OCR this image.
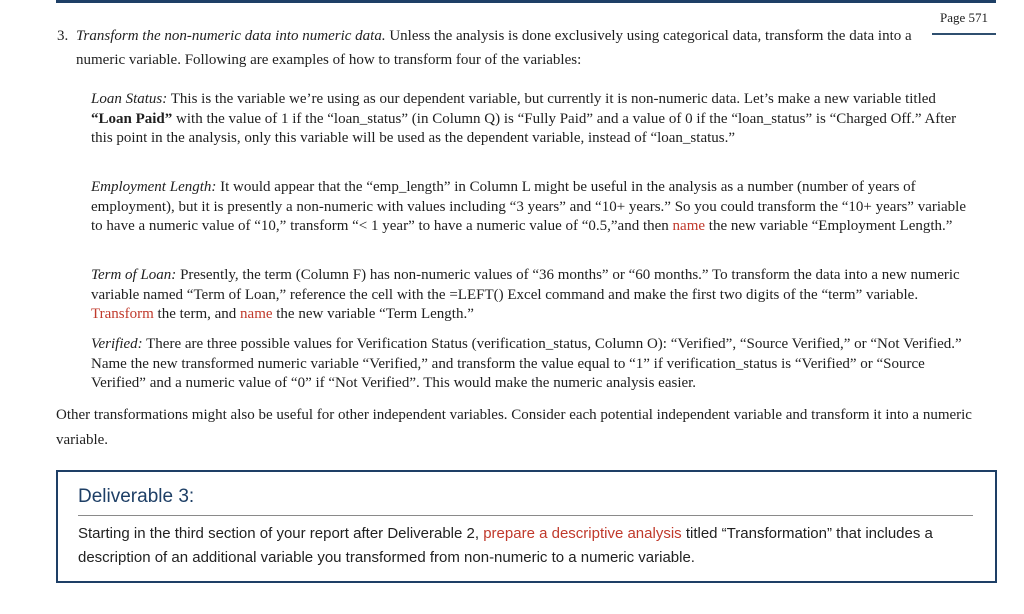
Page 571
3. Transform the non-numeric data into numeric data. Unless the analysis is done exclusively using categorical data, transform the data into a numeric variable. Following are examples of how to transform four of the variables:
Loan Status: This is the variable we’re using as our dependent variable, but currently it is non-numeric data. Let’s make a new variable titled “Loan Paid” with the value of 1 if the “loan_status” (in Column Q) is “Fully Paid” and a value of 0 if the “loan_status” is “Charged Off.” After this point in the analysis, only this variable will be used as the dependent variable, instead of “loan_status.”
Employment Length: It would appear that the “emp_length” in Column L might be useful in the analysis as a number (number of years of employment), but it is presently a non-numeric with values including “3 years” and “10+ years.” So you could transform the “10+ years” variable to have a numeric value of “10,” transform “< 1 year” to have a numeric value of “0.5,”and then name the new variable “Employment Length.”
Term of Loan: Presently, the term (Column F) has non-numeric values of “36 months” or “60 months.” To transform the data into a new numeric variable named “Term of Loan,” reference the cell with the =LEFT() Excel command and make the first two digits of the “term” variable. Transform the term, and name the new variable “Term Length.”
Verified: There are three possible values for Verification Status (verification_status, Column O): “Verified”, “Source Verified,” or “Not Verified.” Name the new transformed numeric variable “Verified,” and transform the value equal to “1” if verification_status is “Verified” or “Source Verified” and a numeric value of “0” if “Not Verified”. This would make the numeric analysis easier.
Other transformations might also be useful for other independent variables. Consider each potential independent variable and transform it into a numeric variable.
Deliverable 3:
Starting in the third section of your report after Deliverable 2, prepare a descriptive analysis titled “Transformation” that includes a description of an additional variable you transformed from non-numeric to a numeric variable.
